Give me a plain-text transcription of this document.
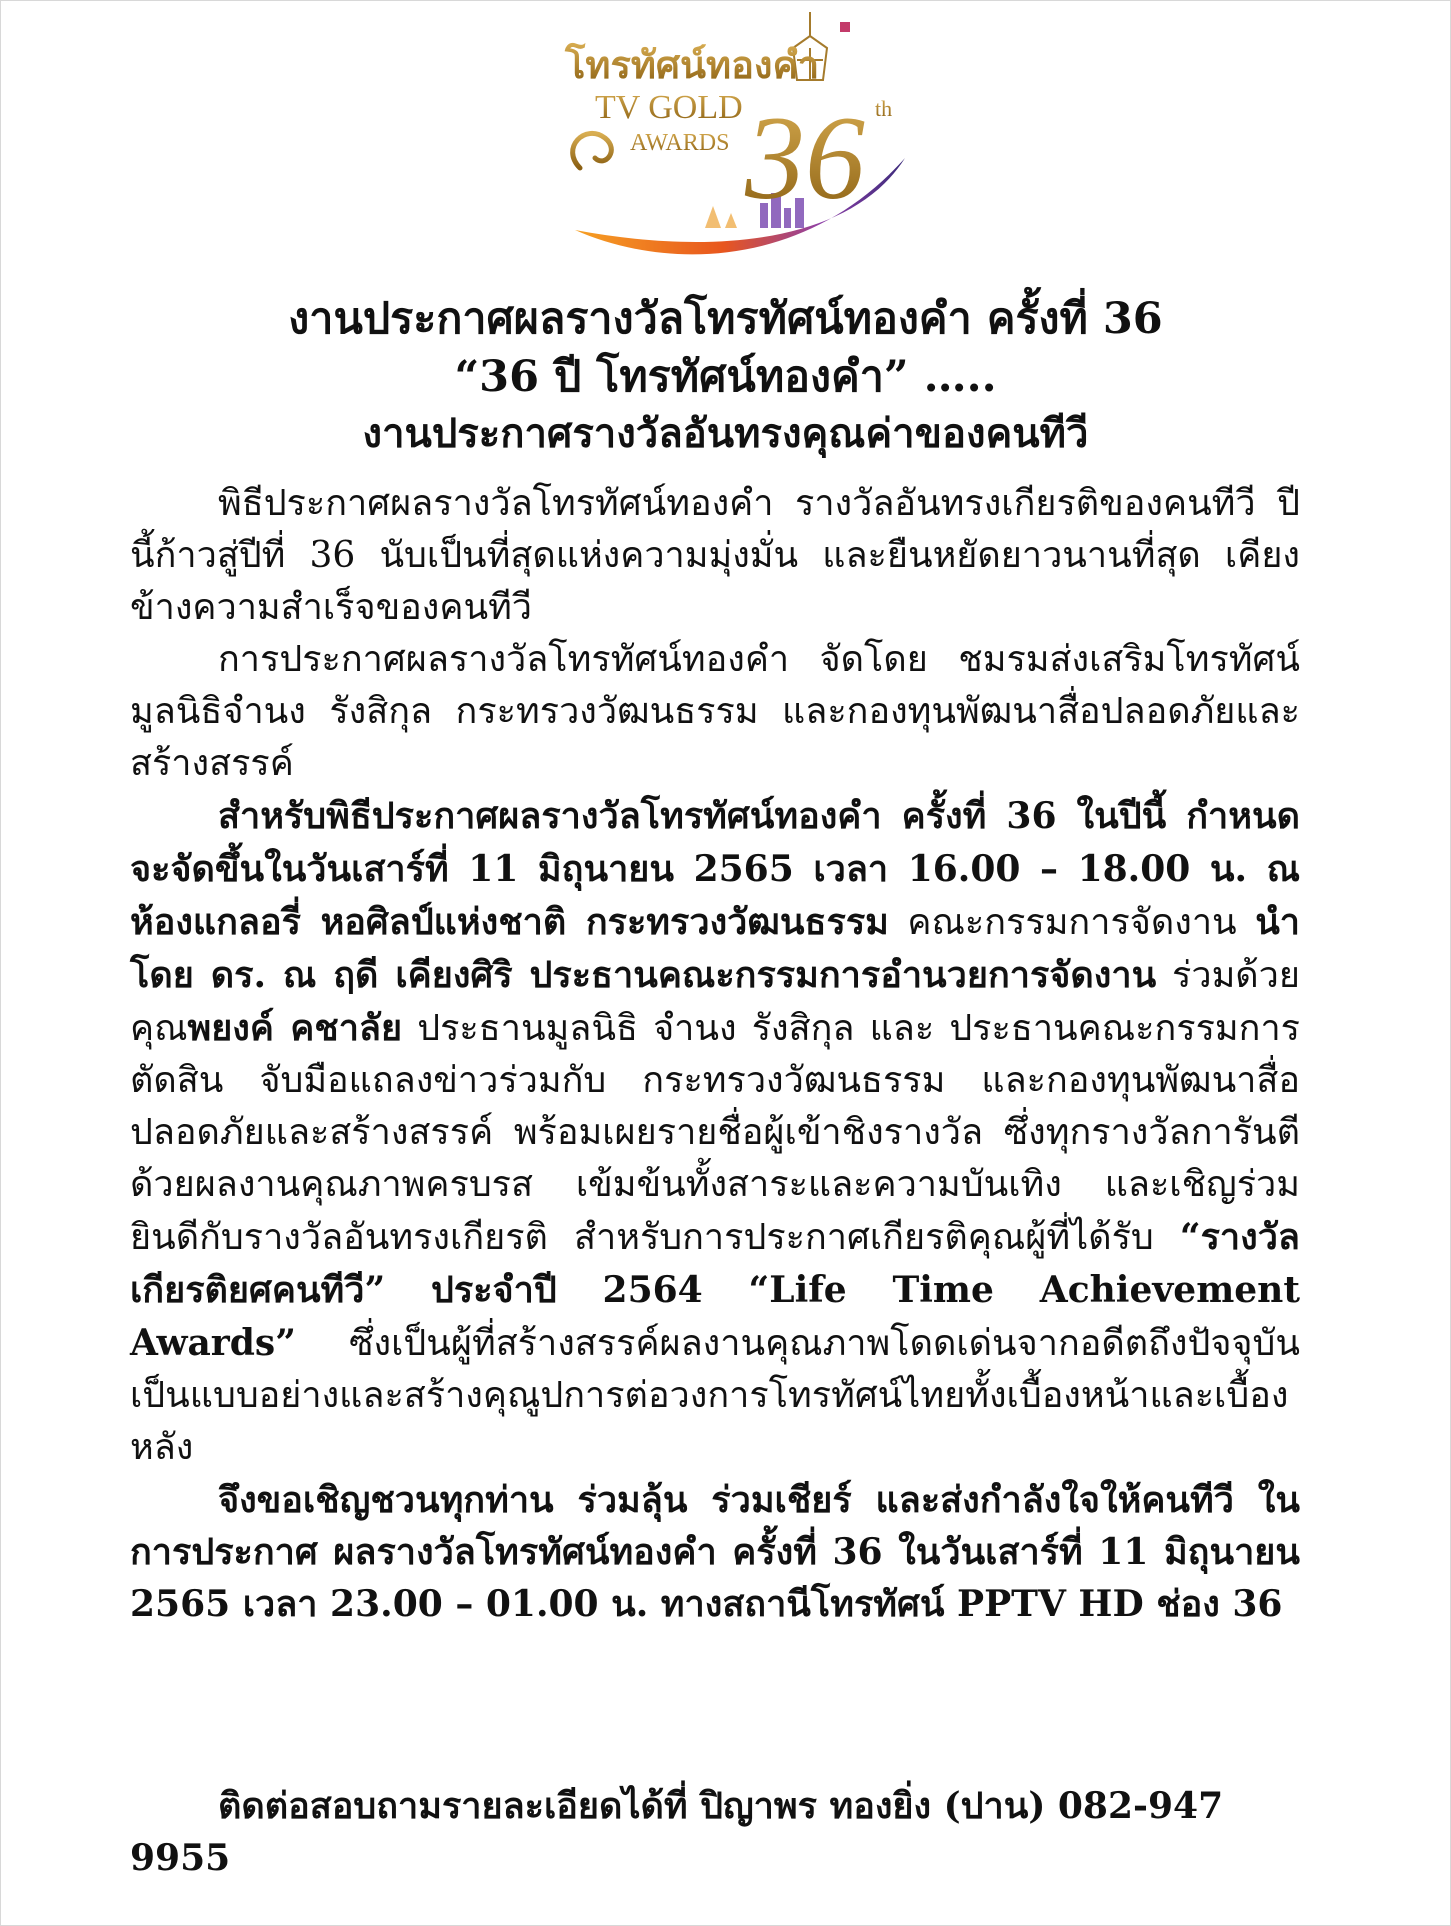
โทรทัศน์ทองคำ
TV GOLD
AWARDS 36 th

งานประกาศผลรางวัลโทรทัศน์ทองคำ ครั้งที่ 36

“36 ปี โทรทัศน์ทองคำ” …..

งานประกาศรางวัลอันทรงคุณค่าของคนทีวี

พิธีประกาศผลรางวัลโทรทัศน์ทองคำ รางวัลอันทรงเกียรติของคนทีวี ปีนี้ก้าวสู่ปีที่ 36 นับเป็นที่สุดแห่งความมุ่งมั่น และยืนหยัดยาวนานที่สุด เคียงข้างความสำเร็จของคนทีวี

การประกาศผลรางวัลโทรทัศน์ทองคำ จัดโดย ชมรมส่งเสริมโทรทัศน์ มูลนิธิจำนง รังสิกุล กระทรวงวัฒนธรรม และกองทุนพัฒนาสื่อปลอดภัยและสร้างสรรค์

สำหรับพิธีประกาศผลรางวัลโทรทัศน์ทองคำ ครั้งที่ 36 ในปีนี้ กำหนดจะจัดขึ้นในวันเสาร์ที่ 11 มิถุนายน 2565 เวลา 16.00 – 18.00 น. ณ ห้องแกลอรี่ หอศิลป์แห่งชาติ กระทรวงวัฒนธรรม คณะกรรมการจัดงาน นำโดย ดร. ณ ฤดี เคียงศิริ ประธานคณะกรรมการอำนวยการจัดงาน ร่วมด้วย คุณพยงค์ คชาลัย ประธานมูลนิธิ จำนง รังสิกุล และ ประธานคณะกรรมการตัดสิน จับมือแถลงข่าวร่วมกับ กระทรวงวัฒนธรรม และกองทุนพัฒนาสื่อปลอดภัยและสร้างสรรค์ พร้อมเผยรายชื่อผู้เข้าชิงรางวัล ซึ่งทุกรางวัลการันตีด้วยผลงานคุณภาพครบรส เข้มข้นทั้งสาระและความบันเทิง และเชิญร่วมยินดีกับรางวัลอันทรงเกียรติ สำหรับการประกาศเกียรติคุณผู้ที่ได้รับ “รางวัลเกียรติยศคนทีวี” ประจำปี 2564 “Life Time Achievement Awards” ซึ่งเป็นผู้ที่สร้างสรรค์ผลงานคุณภาพโดดเด่นจากอดีตถึงปัจจุบัน เป็นแบบอย่างและสร้างคุณูปการต่อวงการโทรทัศน์ไทยทั้งเบื้องหน้าและเบื้องหลัง

จึงขอเชิญชวนทุกท่าน ร่วมลุ้น ร่วมเชียร์ และส่งกำลังใจให้คนทีวี ในการประกาศ ผลรางวัลโทรทัศน์ทองคำ ครั้งที่ 36 ในวันเสาร์ที่ 11 มิถุนายน 2565 เวลา 23.00 – 01.00 น. ทางสถานีโทรทัศน์ PPTV HD ช่อง 36

ติดต่อสอบถามรายละเอียดได้ที่ ปิญาพร ทองยิ่ง (ปาน) 082-947 9955
